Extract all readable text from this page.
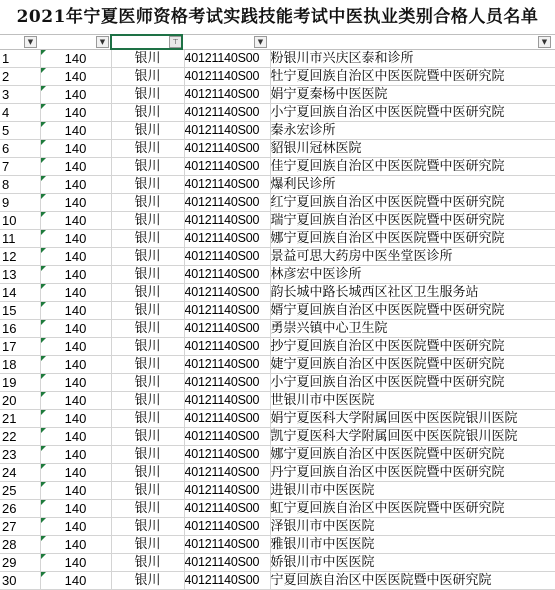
2021年宁夏医师资格考试实践技能考试中医执业类别合格人员名单
▼	▼	⊤	▼	▼
1	140	银川	40121140S00	粉银川市兴庆区泰和诊所
2	140	银川	40121140S00	牡宁夏回族自治区中医医院暨中医研究院
3	140	银川	40121140S00	娟宁夏秦杨中医医院
4	140	银川	40121140S00	小宁夏回族自治区中医医院暨中医研究院
5	140	银川	40121140S00	秦永宏诊所
6	140	银川	40121140S00	貂银川冠林医院
7	140	银川	40121140S00	佳宁夏回族自治区中医医院暨中医研究院
8	140	银川	40121140S00	爆利民诊所
9	140	银川	40121140S00	红宁夏回族自治区中医医院暨中医研究院
10	140	银川	40121140S00	瑞宁夏回族自治区中医医院暨中医研究院
11	140	银川	40121140S00	娜宁夏回族自治区中医医院暨中医研究院
12	140	银川	40121140S00	景益可思大药房中医坐堂医诊所
13	140	银川	40121140S00	林彦宏中医诊所
14	140	银川	40121140S00	韵长城中路长城西区社区卫生服务站
15	140	银川	40121140S00	婿宁夏回族自治区中医医院暨中医研究院
16	140	银川	40121140S00	勇崇兴镇中心卫生院
17	140	银川	40121140S00	抄宁夏回族自治区中医医院暨中医研究院
18	140	银川	40121140S00	婕宁夏回族自治区中医医院暨中医研究院
19	140	银川	40121140S00	小宁夏回族自治区中医医院暨中医研究院
20	140	银川	40121140S00	世银川市中医医院
21	140	银川	40121140S00	娟宁夏医科大学附属回医中医医院银川医院
22	140	银川	40121140S00	凯宁夏医科大学附属回医中医医院银川医院
23	140	银川	40121140S00	娜宁夏回族自治区中医医院暨中医研究院
24	140	银川	40121140S00	丹宁夏回族自治区中医医院暨中医研究院
25	140	银川	40121140S00	进银川市中医医院
26	140	银川	40121140S00	虹宁夏回族自治区中医医院暨中医研究院
27	140	银川	40121140S00	泽银川市中医医院
28	140	银川	40121140S00	雅银川市中医医院
29	140	银川	40121140S00	娇银川市中医医院
30	140	银川	40121140S00	宁夏回族自治区中医医院暨中医研究院
